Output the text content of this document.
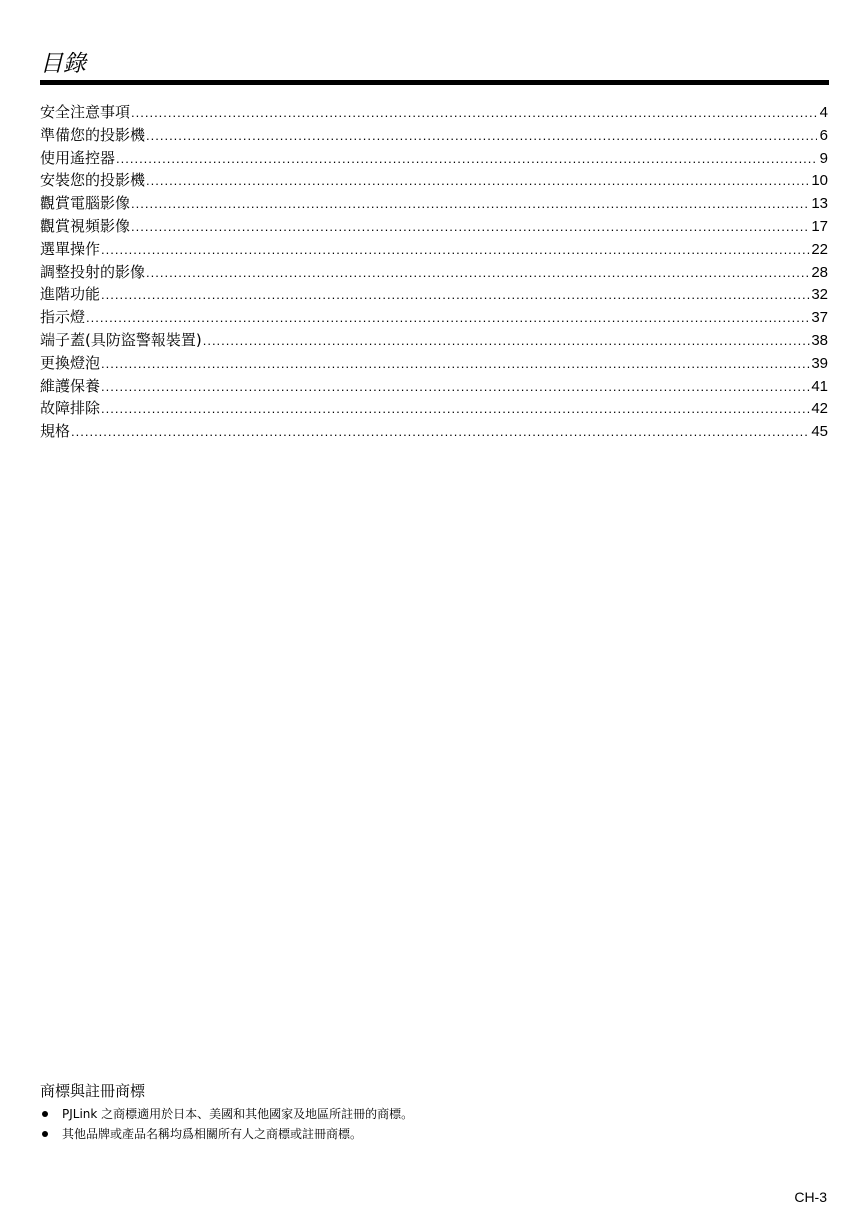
目錄
安全注意事項 .....	4
準備您的投影機 .....	6
使用遙控器 .....	9
安裝您的投影機 .....	10
觀賞電腦影像 .....	13
觀賞視頻影像 .....	17
選單操作 .....	22
調整投射的影像 .....	28
進階功能 .....	32
指示燈 .....	37
端子蓋(具防盜警報裝置) .....	38
更換燈泡 .....	39
維護保養 .....	41
故障排除 .....	42
規格 .....	45
商標與註冊商標
PJLink 之商標適用於日本、美國和其他國家及地區所註冊的商標。
其他品牌或產品名稱均爲相關所有人之商標或註冊商標。
CH-3
